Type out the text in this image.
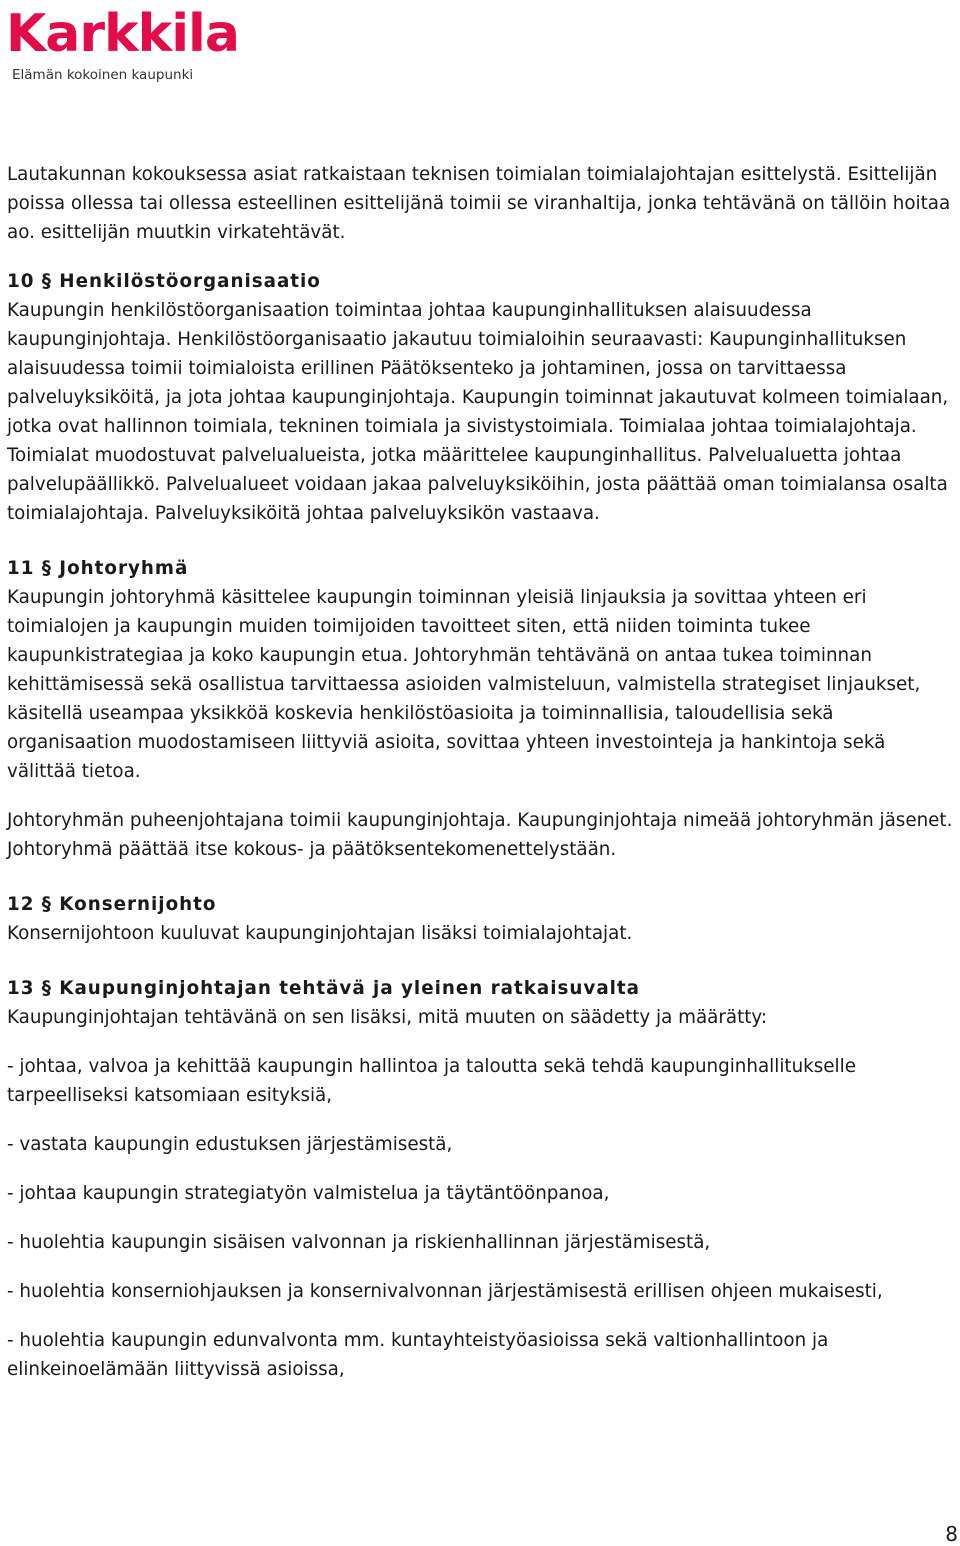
Karkkila
Elämän kokoinen kaupunki

Lautakunnan kokouksessa asiat ratkaistaan teknisen toimialan toimialajohtajan esittelystä. Esittelijän poissa ollessa tai ollessa esteellinen esittelijänä toimii se viranhaltija, jonka tehtävänä on tällöin hoitaa ao. esittelijän muutkin virkatehtävät.

10 § Henkilöstöorganisaatio

Kaupungin henkilöstöorganisaation toimintaa johtaa kaupunginhallituksen alaisuudessa kaupunginjohtaja. Henkilöstöorganisaatio jakautuu toimialoihin seuraavasti: Kaupunginhallituksen alaisuudessa toimii toimialoista erillinen Päätöksenteko ja johtaminen, jossa on tarvittaessa palveluyksiköitä, ja jota johtaa kaupunginjohtaja. Kaupungin toiminnat jakautuvat kolmeen toimialaan, jotka ovat hallinnon toimiala, tekninen toimiala ja sivistystoimiala. Toimialaa johtaa toimialajohtaja. Toimialat muodostuvat palvelualueista, jotka määrittelee kaupunginhallitus. Palvelualuetta johtaa palvelupäällikkö. Palvelualueet voidaan jakaa palveluyksiköihin, josta päättää oman toimialansa osalta toimialajohtaja. Palveluyksiköitä johtaa palveluyksikön vastaava.

11 § Johtoryhmä

Kaupungin johtoryhmä käsittelee kaupungin toiminnan yleisiä linjauksia ja sovittaa yhteen eri toimialojen ja kaupungin muiden toimijoiden tavoitteet siten, että niiden toiminta tukee kaupunkistrategiaa ja koko kaupungin etua. Johtoryhmän tehtävänä on antaa tukea toiminnan kehittämisessä sekä osallistua tarvittaessa asioiden valmisteluun, valmistella strategiset linjaukset, käsitellä useampaa yksikköä koskevia henkilöstöasioita ja toiminnallisia, taloudellisia sekä organisaation muodostamiseen liittyviä asioita, sovittaa yhteen investointeja ja hankintoja sekä välittää tietoa.

Johtoryhmän puheenjohtajana toimii kaupunginjohtaja. Kaupunginjohtaja nimeää johtoryhmän jäsenet. Johtoryhmä päättää itse kokous- ja päätöksentekomenettelystään.

12 § Konsernijohto

Konsernijohtoon kuuluvat kaupunginjohtajan lisäksi toimialajohtajat.

13 § Kaupunginjohtajan tehtävä ja yleinen ratkaisuvalta

Kaupunginjohtajan tehtävänä on sen lisäksi, mitä muuten on säädetty ja määrätty:

- johtaa, valvoa ja kehittää kaupungin hallintoa ja taloutta sekä tehdä kaupunginhallitukselle tarpeelliseksi katsomiaan esityksiä,

- vastata kaupungin edustuksen järjestämisestä,

- johtaa kaupungin strategiatyön valmistelua ja täytäntöönpanoa,

- huolehtia kaupungin sisäisen valvonnan ja riskienhallinnan järjestämisestä,

- huolehtia konserniohjauksen ja konsernivalvonnan järjestämisestä erillisen ohjeen mukaisesti,

- huolehtia kaupungin edunvalvonta mm. kuntayhteistyöasioissa sekä valtionhallintoon ja elinkeinoelämään liittyvissä asioissa,

8
